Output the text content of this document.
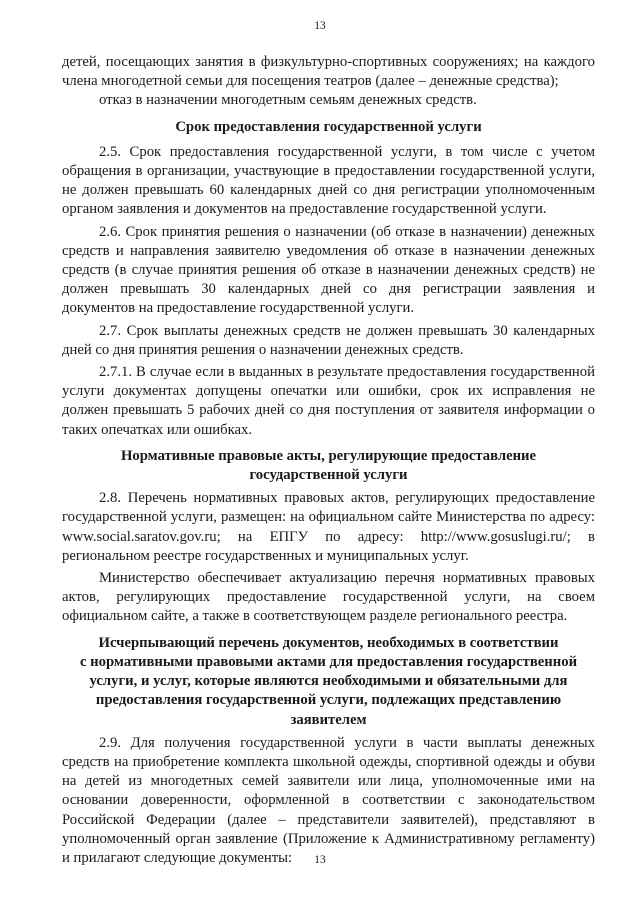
13

детей, посещающих занятия в физкультурно-спортивных сооружениях; на каждого члена многодетной семьи для посещения театров (далее – денежные средства);

отказ в назначении многодетным семьям денежных средств.

Срок предоставления государственной услуги

2.5. Срок предоставления государственной услуги, в том числе с учетом обращения в организации, участвующие в предоставлении государственной услуги, не должен превышать 60 календарных дней со дня регистрации уполномоченным органом заявления и документов на предоставление государственной услуги.

2.6. Срок принятия решения о назначении (об отказе в назначении) денежных средств и направления заявителю уведомления об отказе в назначении денежных средств (в случае принятия решения об отказе в назначении денежных средств) не должен превышать 30 календарных дней со дня регистрации заявления и документов на предоставление государственной услуги.

2.7. Срок выплаты денежных средств не должен превышать 30 календарных дней со дня принятия решения о назначении денежных средств.

2.7.1. В случае если в выданных в результате предоставления государственной услуги документах допущены опечатки или ошибки, срок их исправления не должен превышать 5 рабочих дней со дня поступления от заявителя информации о таких опечатках или ошибках.

Нормативные правовые акты, регулирующие предоставление
государственной услуги

2.8. Перечень нормативных правовых актов, регулирующих предоставление государственной услуги, размещен: на официальном сайте Министерства по адресу: www.social.saratov.gov.ru; на ЕПГУ по адресу: http://www.gosuslugi.ru/; в региональном реестре государственных и муниципальных услуг.

Министерство обеспечивает актуализацию перечня нормативных правовых актов, регулирующих предоставление государственной услуги, на своем официальном сайте, а также в соответствующем разделе регионального реестра.

Исчерпывающий перечень документов, необходимых в соответствии
с нормативными правовыми актами для предоставления государственной
услуги, и услуг, которые являются необходимыми и обязательными для
предоставления государственной услуги, подлежащих представлению
заявителем

2.9. Для получения государственной услуги в части выплаты денежных средств на приобретение комплекта школьной одежды, спортивной одежды и обуви на детей из многодетных семей заявители или лица, уполномоченные ими на основании доверенности, оформленной в соответствии с законодательством Российской Федерации (далее – представители заявителей), представляют в уполномоченный орган заявление (Приложение к Административному регламенту) и прилагают следующие документы:	13
